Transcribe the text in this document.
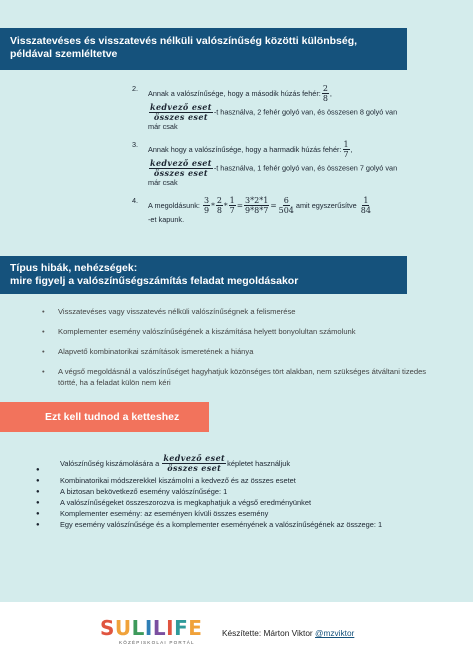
Visszatevéses és visszatevés nélküli valószínűség közötti különbség,
példával szemléltetve
2.	Annak a valószínűsége, hogy a második húzás fehér: $\frac{2}{8}$ ,
$\frac{\text{kedvező eset}}{\text{összes eset}} -t$ használva, 2 fehér golyó van, és összesen 8 golyó van már csak
3.	Annak hogy a valószínűsége, hogy a harmadik húzás fehér: $\frac{1}{7}$ ,
$\frac{\text{kedvező eset}}{\text{összes eset}} -t$ használva, 1 fehér golyó van, és összesen 7 golyó van már csak
4.	A megoldásunk:
$\frac{3}{9} * \frac{2}{8} * \frac{1}{7} = \frac{3*2*1}{9*8*7} = \frac{6}{504}$ amit egyszerűsítve
$\frac{1}{84}$
-et kapunk.
Típus hibák, nehézségek:
mire figyelj a valószínűségszámítás feladat megoldásakor
• Visszatevéses vagy visszatevés nélküli valószínűségnek a felismerése
• Komplementer esemény valószínűségének a kiszámítása helyett bonyolultan számolunk
• Alapvető kombinatorikai számítások ismeretének a hiánya
• A végső megoldásnál a valószínűséget hagyhatjuk közönséges tört alakban, nem szükséges átváltani tizedes törtté, ha a feladat külön nem kéri
Ezt kell tudnod a ketteshez
● Valószínűség kiszámolására a
$\frac{\text{kedvező eset}}{\text{összes eset}}$ képletet használjuk
● Kombinatorikai módszerekkel kiszámolni a kedvező és az összes esetet
● A biztosan bekövetkező esemény valószínűsége: 1
● A valószínűségeket összeszorozva is megkaphatjuk a végső eredményünket
● Komplementer esemény: az eseményen kívüli összes esemény
● Egy esemény valószínűsége és a komplementer eseményének a valószínűségének az összege: 1
SULILIFE
KÖZÉPISKOLAI PORTÁL
Készítette: Márton Viktor @mzviktor
